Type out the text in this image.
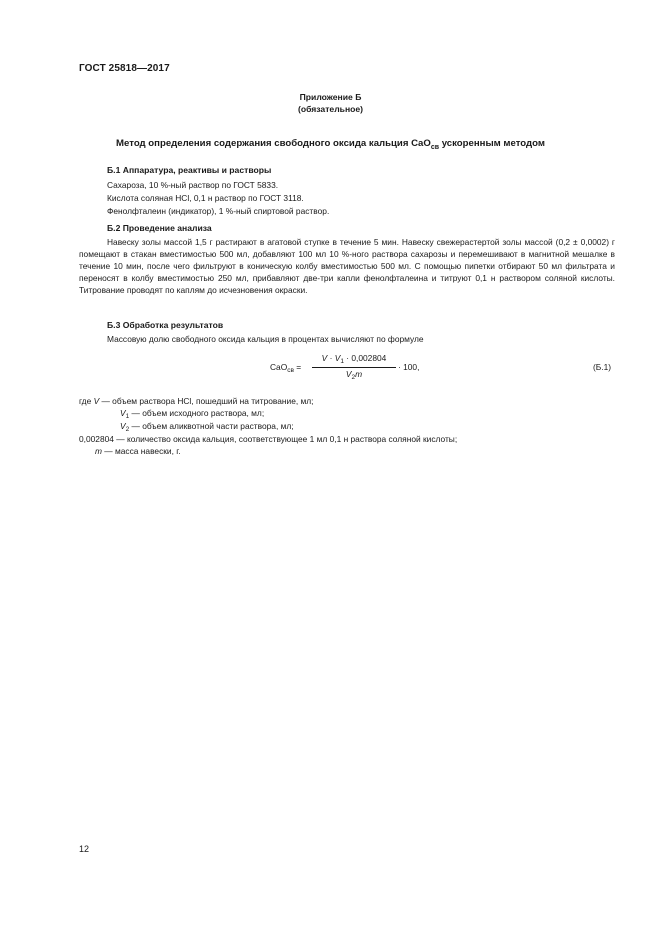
ГОСТ 25818—2017
Приложение Б
(обязательное)
Метод определения содержания свободного оксида кальция CaO$_{св}$ ускоренным методом
Б.1 Аппаратура, реактивы и растворы
Сахароза, 10 %-ный раствор по ГОСТ 5833.
Кислота соляная HCl, 0,1 н раствор по ГОСТ 3118.
Фенолфталеин (индикатор), 1 %-ный спиртовой раствор.
Б.2 Проведение анализа

Навеску золы массой 1,5 г растирают в агатовой ступке в течение 5 мин. Навеску свежерастертой золы массой (0,2 ± 0,0002) г помещают в стакан вместимостью 500 мл, добавляют 100 мл 10 %-ного раствора сахарозы и перемешивают в магнитной мешалке в течение 10 мин, после чего фильтруют в коническую колбу вместимостью 500 мл. С помощью пипетки отбирают 50 мл фильтрата и переносят в колбу вместимостью 250 мл, прибавляют две-три капли фенолфталеина и титруют 0,1 н раствором соляной кислоты. Титрование проводят по каплям до исчезновения окраски.

Б.3 Обработка результатов
Массовую долю свободного оксида кальция в процентах вычисляют по формуле
CaO$_{св}$ =
$V \cdot V_1 \cdot 0,002804$
$V_2m$
· 100,	(Б.1)
где V — объем раствора HCl, пошедший на титрование, мл;
$V_1$ — объем исходного раствора, мл;
$V_2$ — объем аликвотной части раствора, мл;
0,002804 — количество оксида кальция, соответствующее 1 мл 0,1 н раствора соляной кислоты;
m — масса навески, г.
12
